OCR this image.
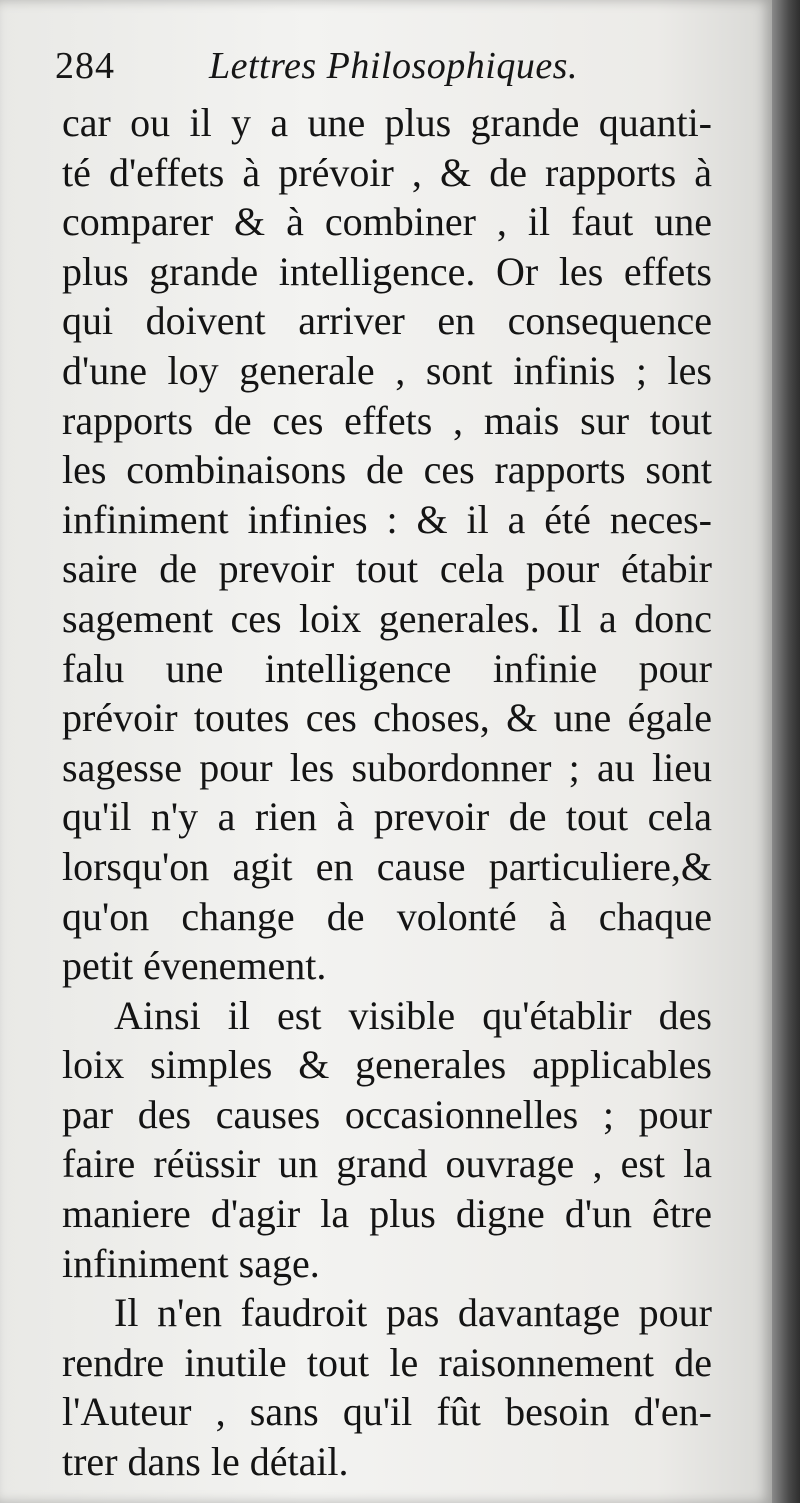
284 Lettres Philosophiques.
car ou il y a une plus grande quanti-
té d'effets à prévoir , & de rapports à
comparer & à combiner , il faut une
plus grande intelligence. Or les effets
qui doivent arriver en consequence
d'une loy generale , sont infinis ; les
rapports de ces effets , mais sur tout
les combinaisons de ces rapports sont
infiniment infinies : & il a été neces-
saire de prevoir tout cela pour étabir
sagement ces loix generales. Il a donc
falu une intelligence infinie pour
prévoir toutes ces choses, & une égale
sagesse pour les subordonner ; au lieu
qu'il n'y a rien à prevoir de tout cela
lorsqu'on agit en cause particuliere,&
qu'on change de volonté à chaque
petit évenement.
Ainsi il est visible qu'établir des
loix simples & generales applicables
par des causes occasionnelles ; pour
faire réüssir un grand ouvrage , est la
maniere d'agir la plus digne d'un être
infiniment sage.
Il n'en faudroit pas davantage pour
rendre inutile tout le raisonnement de
l'Auteur , sans qu'il fût besoin d'en-
trer dans le détail.
